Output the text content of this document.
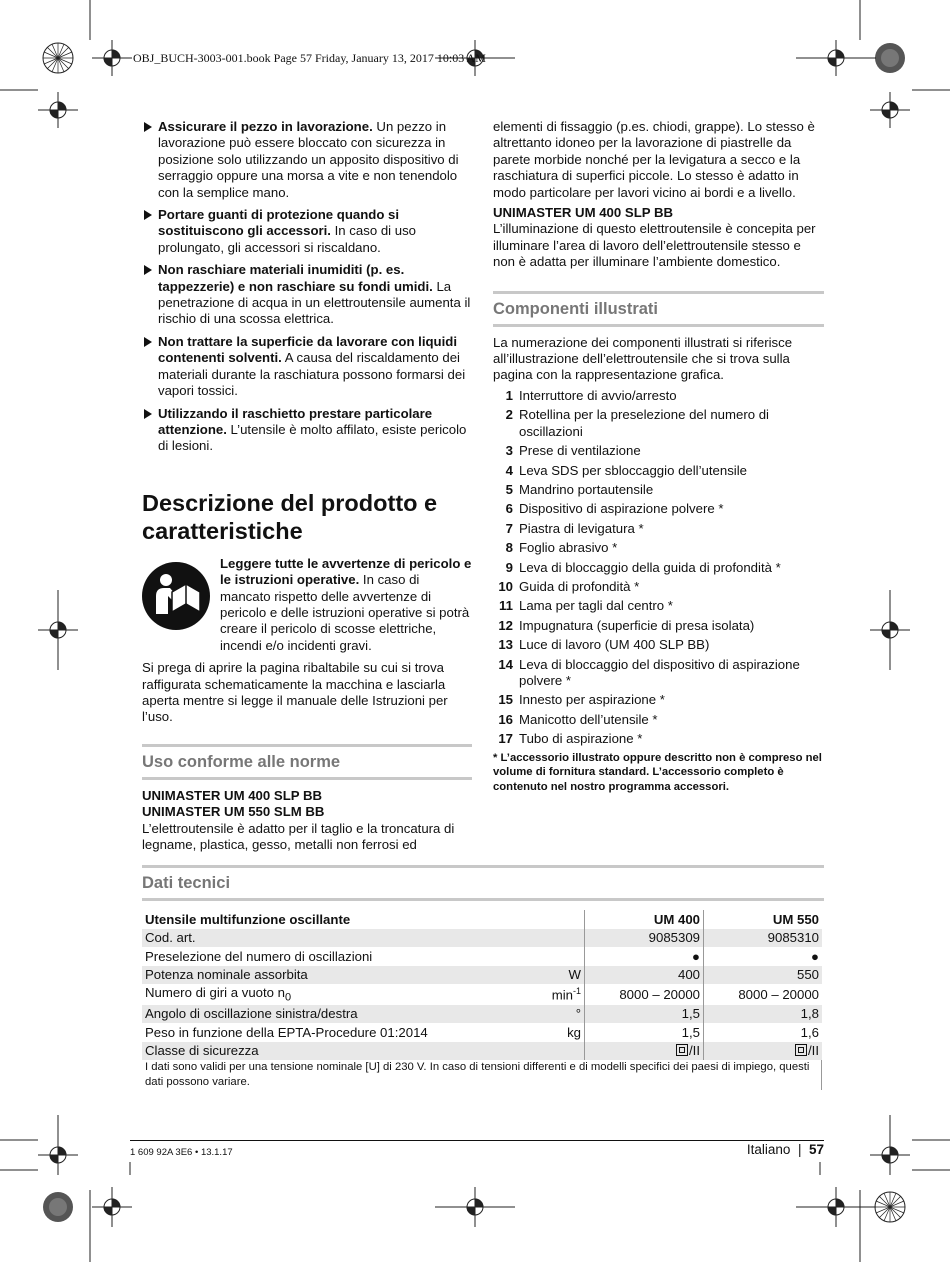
OBJ_BUCH-3003-001.book Page 57 Friday, January 13, 2017 10:03 AM
Assicurare il pezzo in lavorazione. Un pezzo in lavorazione può essere bloccato con sicurezza in posizione solo utilizzando un apposito dispositivo di serraggio oppure una morsa a vite e non tenendolo con la semplice mano.
Portare guanti di protezione quando si sostituiscono gli accessori. In caso di uso prolungato, gli accessori si riscaldano.
Non raschiare materiali inumiditi (p. es. tappezzerie) e non raschiare su fondi umidi. La penetrazione di acqua in un elettroutensile aumenta il rischio di una scossa elettrica.
Non trattare la superficie da lavorare con liquidi contenenti solventi. A causa del riscaldamento dei materiali durante la raschiatura possono formarsi dei vapori tossici.
Utilizzando il raschietto prestare particolare attenzione. L’utensile è molto affilato, esiste pericolo di lesioni.
Descrizione del prodotto e
caratteristiche

Leggere tutte le avvertenze di pericolo e le istruzioni operative. In caso di mancato rispetto delle avvertenze di pericolo e delle istruzioni operative si potrà creare il pericolo di scosse elettriche, incendi e/o incidenti gravi.

Si prega di aprire la pagina ribaltabile su cui si trova raffigurata schematicamente la macchina e lasciarla aperta mentre si legge il manuale delle Istruzioni per l’uso.

Uso conforme alle norme

UNIMASTER UM 400 SLP BB

UNIMASTER UM 550 SLM BB

L’elettroutensile è adatto per il taglio e la troncatura di legname, plastica, gesso, metalli non ferrosi ed

elementi di fissaggio (p.es. chiodi, grappe). Lo stesso è altrettanto idoneo per la lavorazione di piastrelle da parete morbide nonché per la levigatura a secco e la raschiatura di superfici piccole. Lo stesso è adatto in modo particolare per lavori vicino ai bordi e a livello.

UNIMASTER UM 400 SLP BB

L’illuminazione di questo elettroutensile è concepita per illuminare l’area di lavoro dell’elettroutensile stesso e non è adatta per illuminare l’ambiente domestico.

Componenti illustrati

La numerazione dei componenti illustrati si riferisce all’illustrazione dell’elettroutensile che si trova sulla pagina con la rappresentazione grafica.

1 Interruttore di avvio/arresto
2 Rotellina per la preselezione del numero di oscillazioni
3 Prese di ventilazione
4 Leva SDS per sbloccaggio dell’utensile
5 Mandrino portautensile
6 Dispositivo di aspirazione polvere *
7 Piastra di levigatura *
8 Foglio abrasivo *
9 Leva di bloccaggio della guida di profondità *
10 Guida di profondità *
11 Lama per tagli dal centro *
12 Impugnatura (superficie di presa isolata)
13 Luce di lavoro (UM 400 SLP BB)
14 Leva di bloccaggio del dispositivo di aspirazione polvere *
15 Innesto per aspirazione *
16 Manicotto dell’utensile *
17 Tubo di aspirazione *

* L’accessorio illustrato oppure descritto non è compreso nel volume di fornitura standard. L’accessorio completo è contenuto nel nostro programma accessori.

Dati tecnici
Utensile multifunzione oscillante		UM 400	UM 550
Cod. art.		9085309	9085310
Preselezione del numero di oscillazioni		●	●
Potenza nominale assorbita	W	400	550
Numero di giri a vuoto $n_0$	$\min^{-1}$	8000 – 20000	8000 – 20000
Angolo di oscillazione sinistra/destra	°	1,5	1,8
Peso in funzione della EPTA-Procedure 01:2014	kg	1,5	1,6
Classe di sicurezza		/II	/II
I dati sono validi per una tensione nominale [U] di 230 V. In caso di tensioni differenti e di modelli specifici dei paesi di impiego, questi dati possono variare.
1 609 92A 3E6 • 13.1.17	Italiano  |  57
